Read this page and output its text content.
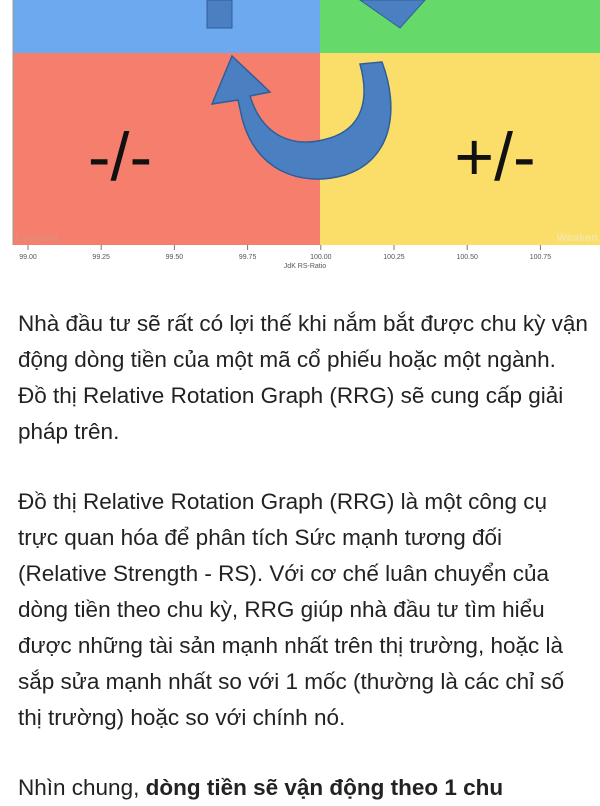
-/-	+/-
Lagging	Weaken
99.00	99.25	99.50	99.75	100.00	100.25	100.50	100.75
JdK RS-Ratio

Nhà đầu tư sẽ rất có lợi thế khi nắm bắt được chu kỳ vận động dòng tiền của một mã cổ phiếu hoặc một ngành. Đồ thị Relative Rotation Graph (RRG) sẽ cung cấp giải pháp trên.

Đồ thị Relative Rotation Graph (RRG) là một công cụ trực quan hóa để phân tích Sức mạnh tương đối (Relative Strength - RS). Với cơ chế luân chuyển của dòng tiền theo chu kỳ, RRG giúp nhà đầu tư tìm hiểu được những tài sản mạnh nhất trên thị trường, hoặc là sắp sửa mạnh nhất so với 1 mốc (thường là các chỉ số thị trường) hoặc so với chính nó.

Nhìn chung, dòng tiền sẽ vận động theo 1 chu
